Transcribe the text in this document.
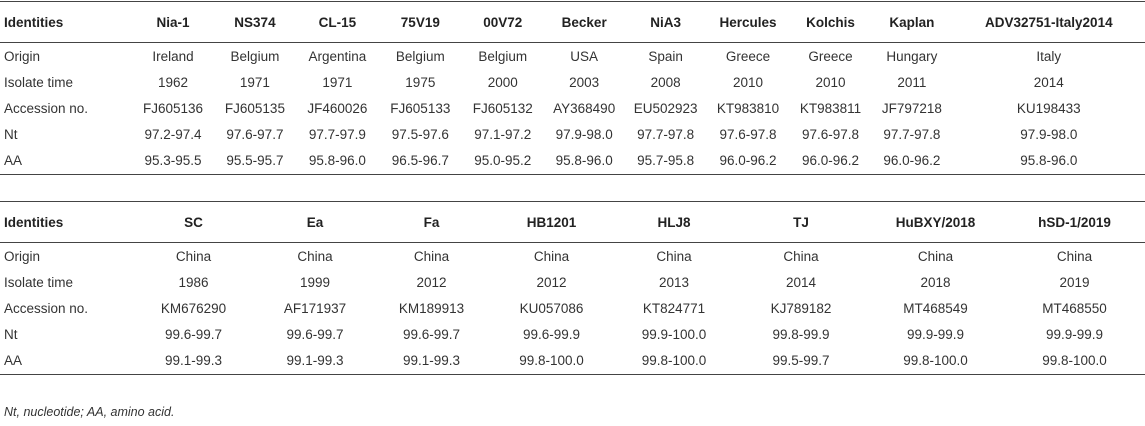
Identities	Nia-1	NS374	CL-15	75V19	00V72	Becker	NiA3	Hercules	Kolchis	Kaplan	ADV32751-Italy2014
Origin	Ireland	Belgium	Argentina	Belgium	Belgium	USA	Spain	Greece	Greece	Hungary	Italy
Isolate time	1962	1971	1971	1975	2000	2003	2008	2010	2010	2011	2014
Accession no.	FJ605136	FJ605135	JF460026	FJ605133	FJ605132	AY368490	EU502923	KT983810	KT983811	JF797218	KU198433
Nt	97.2-97.4	97.6-97.7	97.7-97.9	97.5-97.6	97.1-97.2	97.9-98.0	97.7-97.8	97.6-97.8	97.6-97.8	97.7-97.8	97.9-98.0
AA	95.3-95.5	95.5-95.7	95.8-96.0	96.5-96.7	95.0-95.2	95.8-96.0	95.7-95.8	96.0-96.2	96.0-96.2	96.0-96.2	95.8-96.0
Identities	SC	Ea	Fa	HB1201	HLJ8	TJ	HuBXY/2018	hSD-1/2019
Origin	China	China	China	China	China	China	China	China
Isolate time	1986	1999	2012	2012	2013	2014	2018	2019
Accession no.	KM676290	AF171937	KM189913	KU057086	KT824771	KJ789182	MT468549	MT468550
Nt	99.6-99.7	99.6-99.7	99.6-99.7	99.6-99.9	99.9-100.0	99.8-99.9	99.9-99.9	99.9-99.9
AA	99.1-99.3	99.1-99.3	99.1-99.3	99.8-100.0	99.8-100.0	99.5-99.7	99.8-100.0	99.8-100.0
Nt, nucleotide; AA, amino acid.
